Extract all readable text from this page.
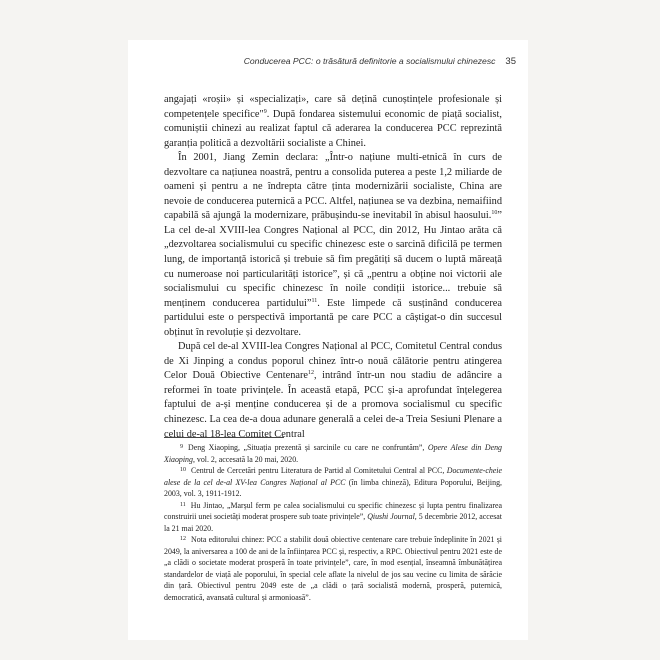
Conducerea PCC: o trăsătură definitorie a socialismului chinezesc 35

angajați «roșii» și «specializați», care să dețină cunoștințele profesionale și competențele specifice"$^9$. După fondarea sistemului economic de piață socialist, comuniștii chinezi au realizat faptul că aderarea la conducerea PCC reprezintă garanția politică a dezvoltării socialiste a Chinei.

În 2001, Jiang Zemin declara: „Într-o națiune multi-etnică în curs de dezvoltare ca națiunea noastră, pentru a consolida puterea a peste 1,2 miliarde de oameni și pentru a ne îndrepta către ținta modernizării socialiste, China are nevoie de conducerea puternică a PCC. Altfel, națiunea se va dezbina, nemaifiind capabilă să ajungă la modernizare, prăbușindu-se inevitabil în abisul haosului.$^{10}$” La cel de-al XVIII-lea Congres Național al PCC, din 2012, Hu Jintao arăta că „dezvoltarea socialismului cu specific chinezesc este o sarcină dificilă pe termen lung, de importanță istorică și trebuie să fim pregătiți să ducem o luptă măreață cu numeroase noi particularități istorice”, și că „pentru a obține noi victorii ale socialismului cu specific chinezesc în noile condiții istorice... trebuie să menținem conducerea partidului”$^{11}$. Este limpede că susținând conducerea partidului este o perspectivă importantă pe care PCC a câștigat-o din succesul obținut în revoluție și dezvoltare.

După cel de-al XVIII-lea Congres Național al PCC, Comitetul Central condus de Xi Jinping a condus poporul chinez într-o nouă călătorie pentru atingerea Celor Două Obiective Centenare$^{12}$, intrând într-un nou stadiu de adâncire a reformei în toate privințele. În această etapă, PCC și-a aprofundat înțelegerea faptului de a-și menține conducerea și de a promova socialismul cu specific chinezesc. La cea de-a doua adunare generală a celei de-a Treia Sesiuni Plenare a celui de-al 18-lea Comitet Central

$^9$ Deng Xiaoping, „Situația prezentă și sarcinile cu care ne confruntăm”, Opere Alese din Deng Xiaoping, vol. 2, accesată la 20 mai, 2020.

$^{10}$ Centrul de Cercetări pentru Literatura de Partid al Comitetului Central al PCC, Documente-cheie alese de la cel de-al XV-lea Congres Național al PCC (în limba chineză), Editura Poporului, Beijing, 2003, vol. 3, 1911-1912.

$^{11}$ Hu Jintao, „Marșul ferm pe calea socialismului cu specific chinezesc și lupta pentru finalizarea construirii unei societăți moderat prospere sub toate privințele”, Qiushi Journal, 5 decembrie 2012, accesat la 21 mai 2020.

$^{12}$ Nota editorului chinez: PCC a stabilit două obiective centenare care trebuie îndeplinite în 2021 și 2049, la aniversarea a 100 de ani de la înființarea PCC și, respectiv, a RPC. Obiectivul pentru 2021 este de „a clădi o societate moderat prosperă în toate privințele”, care, în mod esențial, înseamnă îmbunătățirea standardelor de viață ale poporului, în special cele aflate la nivelul de jos sau vecine cu limita de sărăcie din țară. Obiectivul pentru 2049 este de „a clădi o țară socialistă modernă, prosperă, puternică, democratică, avansată cultural și armonioasă”.
